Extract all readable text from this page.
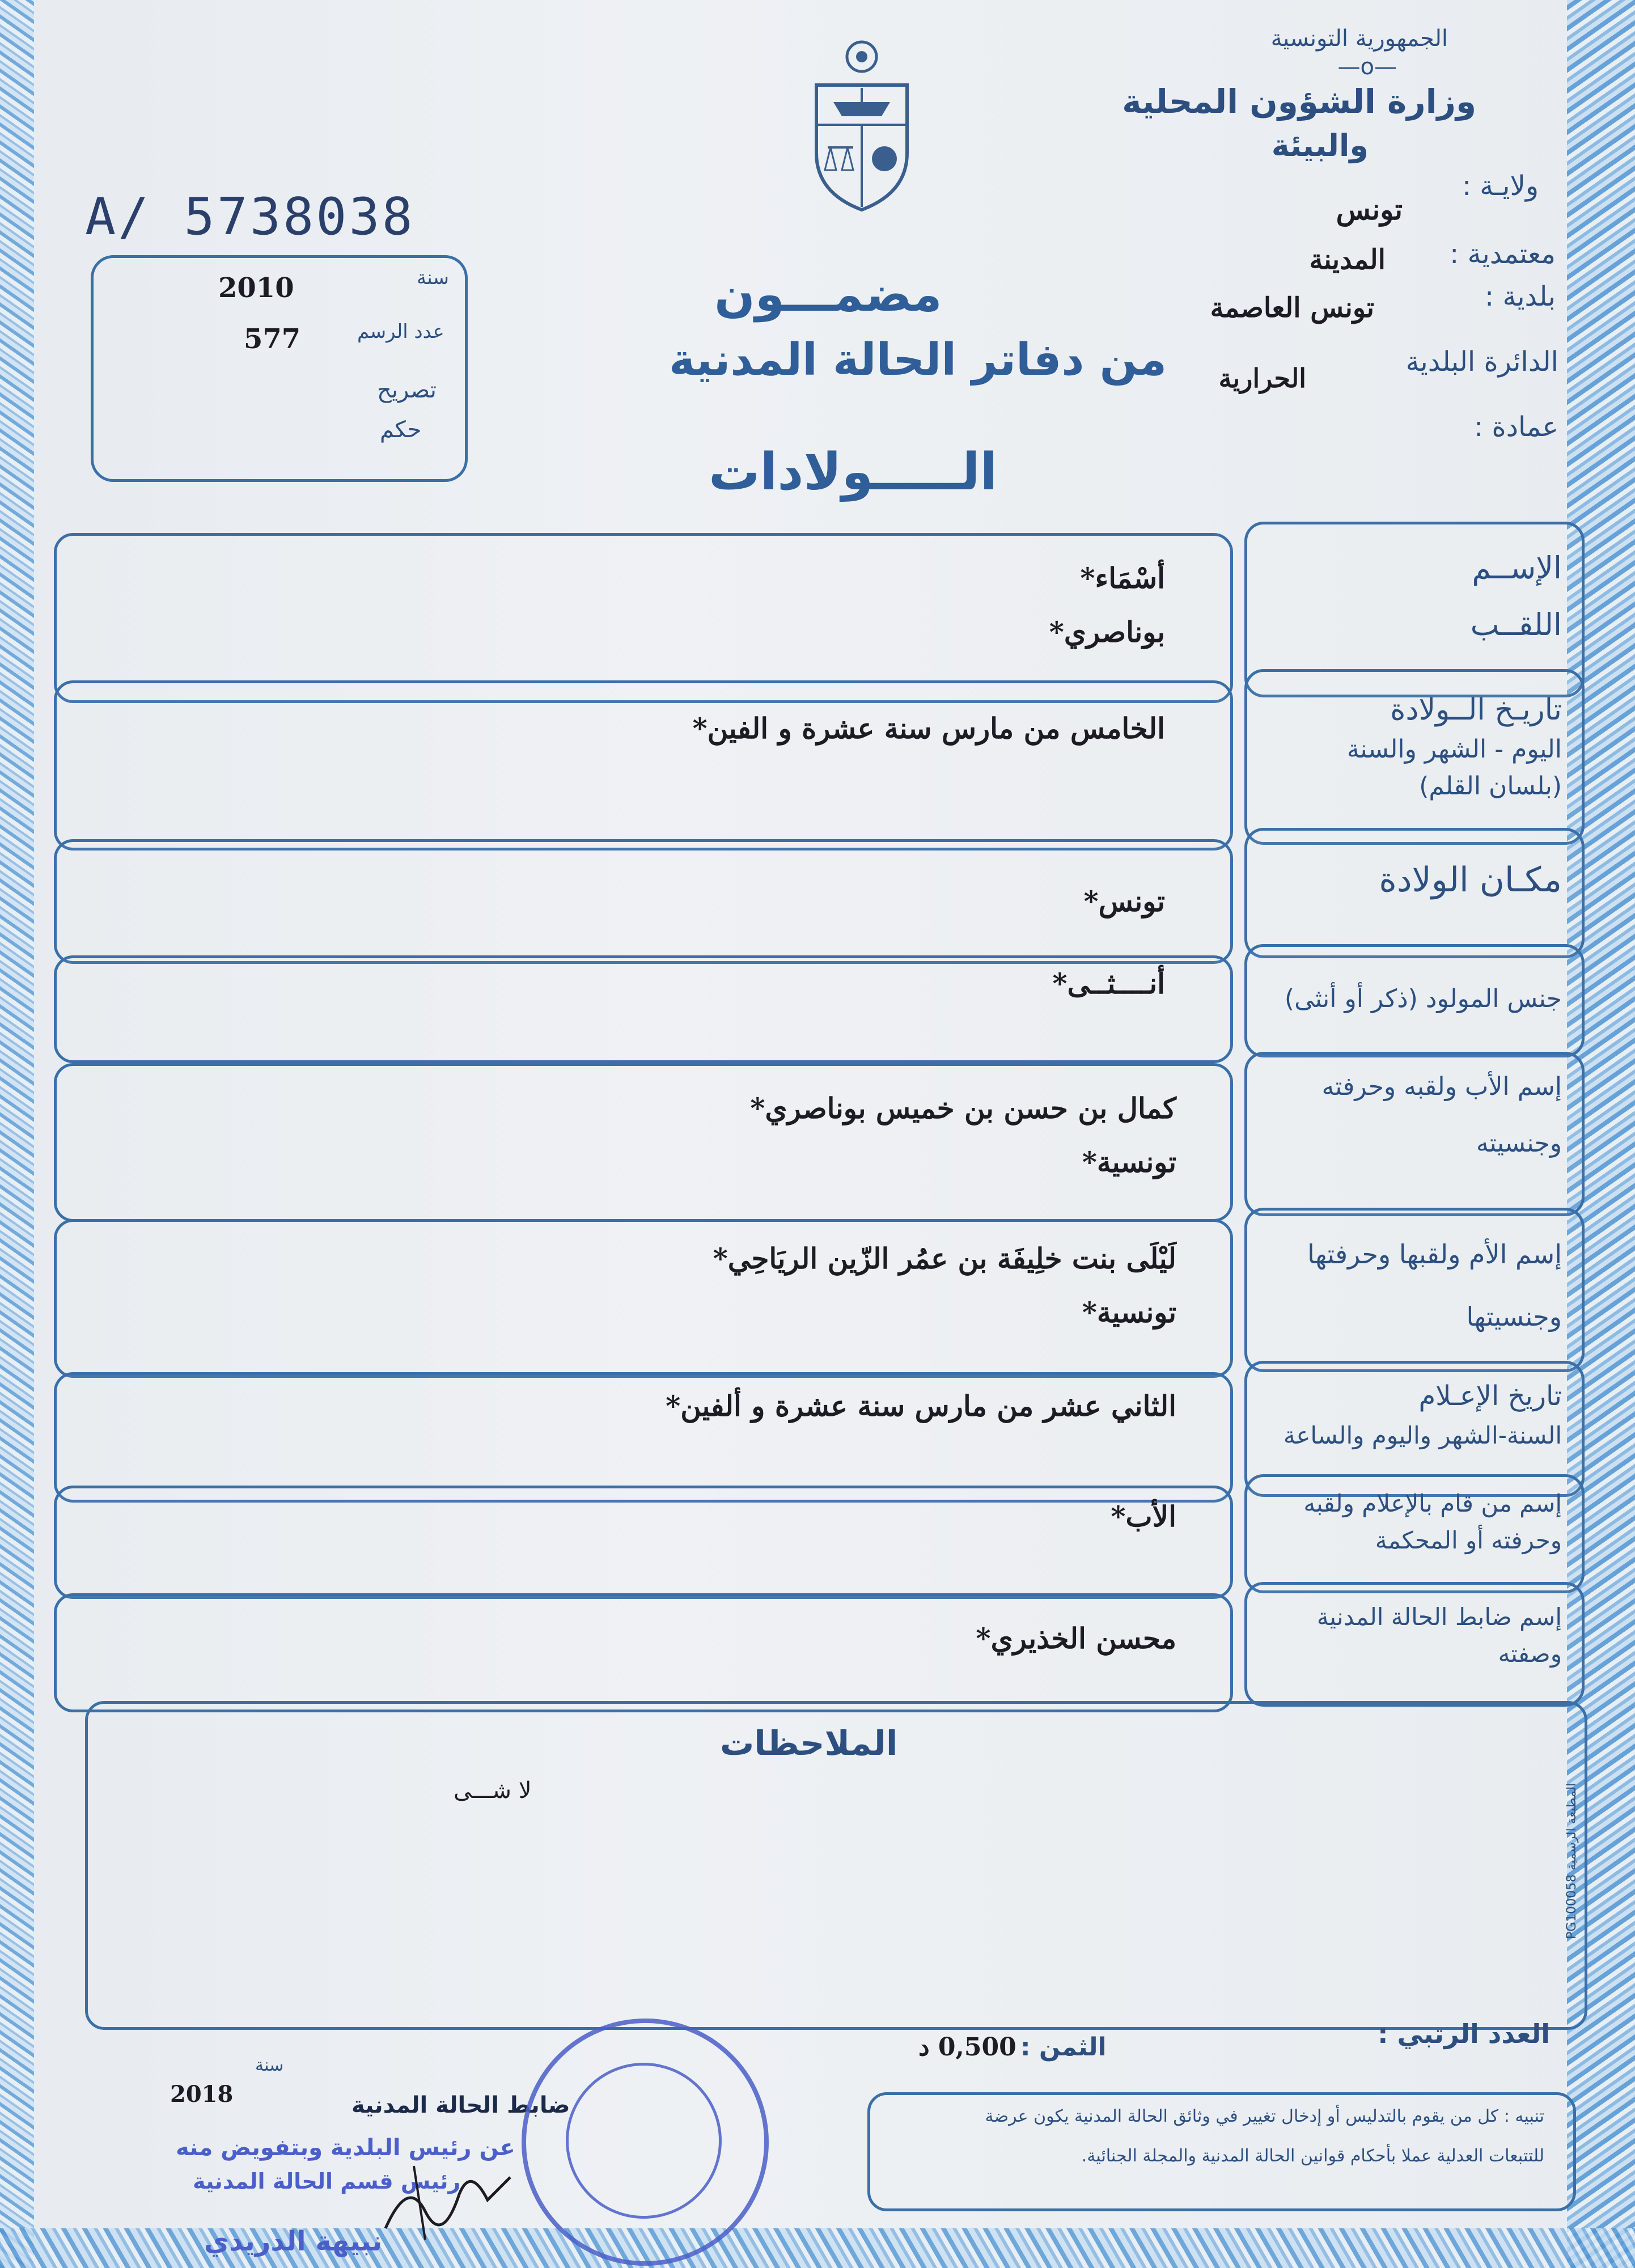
الجمهورية التونسية
—o—
وزارة الشؤون المحلية
والبيئة
ولايـة :
تونس
معتمدية :
المدينة
بلدية :
تونس العاصمة
الدائرة البلدية
الحرارية
عمادة :
A/ 5738038
سنة
2010
عدد الرسم
577
تصريح
حكم
مضمـــون
من دفاتر الحالة المدنية
الـــــولادات
الإســم
اللقــب
أسْمَاء*
بوناصري*
تاريـخ الــولادة
اليوم - الشهر والسنة
(بلسان القلم)
الخامس من مارس سنة عشرة و الفين*
مكـان الولادة
تونس*
جنس المولود (ذكر أو أنثى)
أنــــثــى*
إسم الأب ولقبه وحرفته
وجنسيته
كمال بن حسن بن خميس بوناصري*
تونسية*
إسم الأم ولقبها وحرفتها
وجنسيتها
لَيْلَى بنت خلِيفَة بن عمُر الزّين الريَاحِي*
تونسية*
تاريخ الإعـلام
السنة-الشهر واليوم والساعة
الثاني عشر من مارس سنة عشرة و ألفين*
إسم من قام بالإعلام ولقبه
وحرفته أو المحكمة
الأب*
إسم ضابط الحالة المدنية
وصفته
محسن الخذيري*
الملاحظات
لا شـــى
المطبعة الرسمية PG100058
العدد الرتبي :
الثمن :
0,500 د
تنبيه : كل من يقوم بالتدليس أو إدخال تغيير في وثائق الحالة المدنية يكون عرضة
للتتبعات العدلية عملا بأحكام قوانين الحالة المدنية والمجلة الجنائية.
سنة
2018	ضابط الحالة المدنية
عن رئيس البلدية وبتفويض منه
رئيس قسم الحالة المدنية
نبيهة الدريدي
